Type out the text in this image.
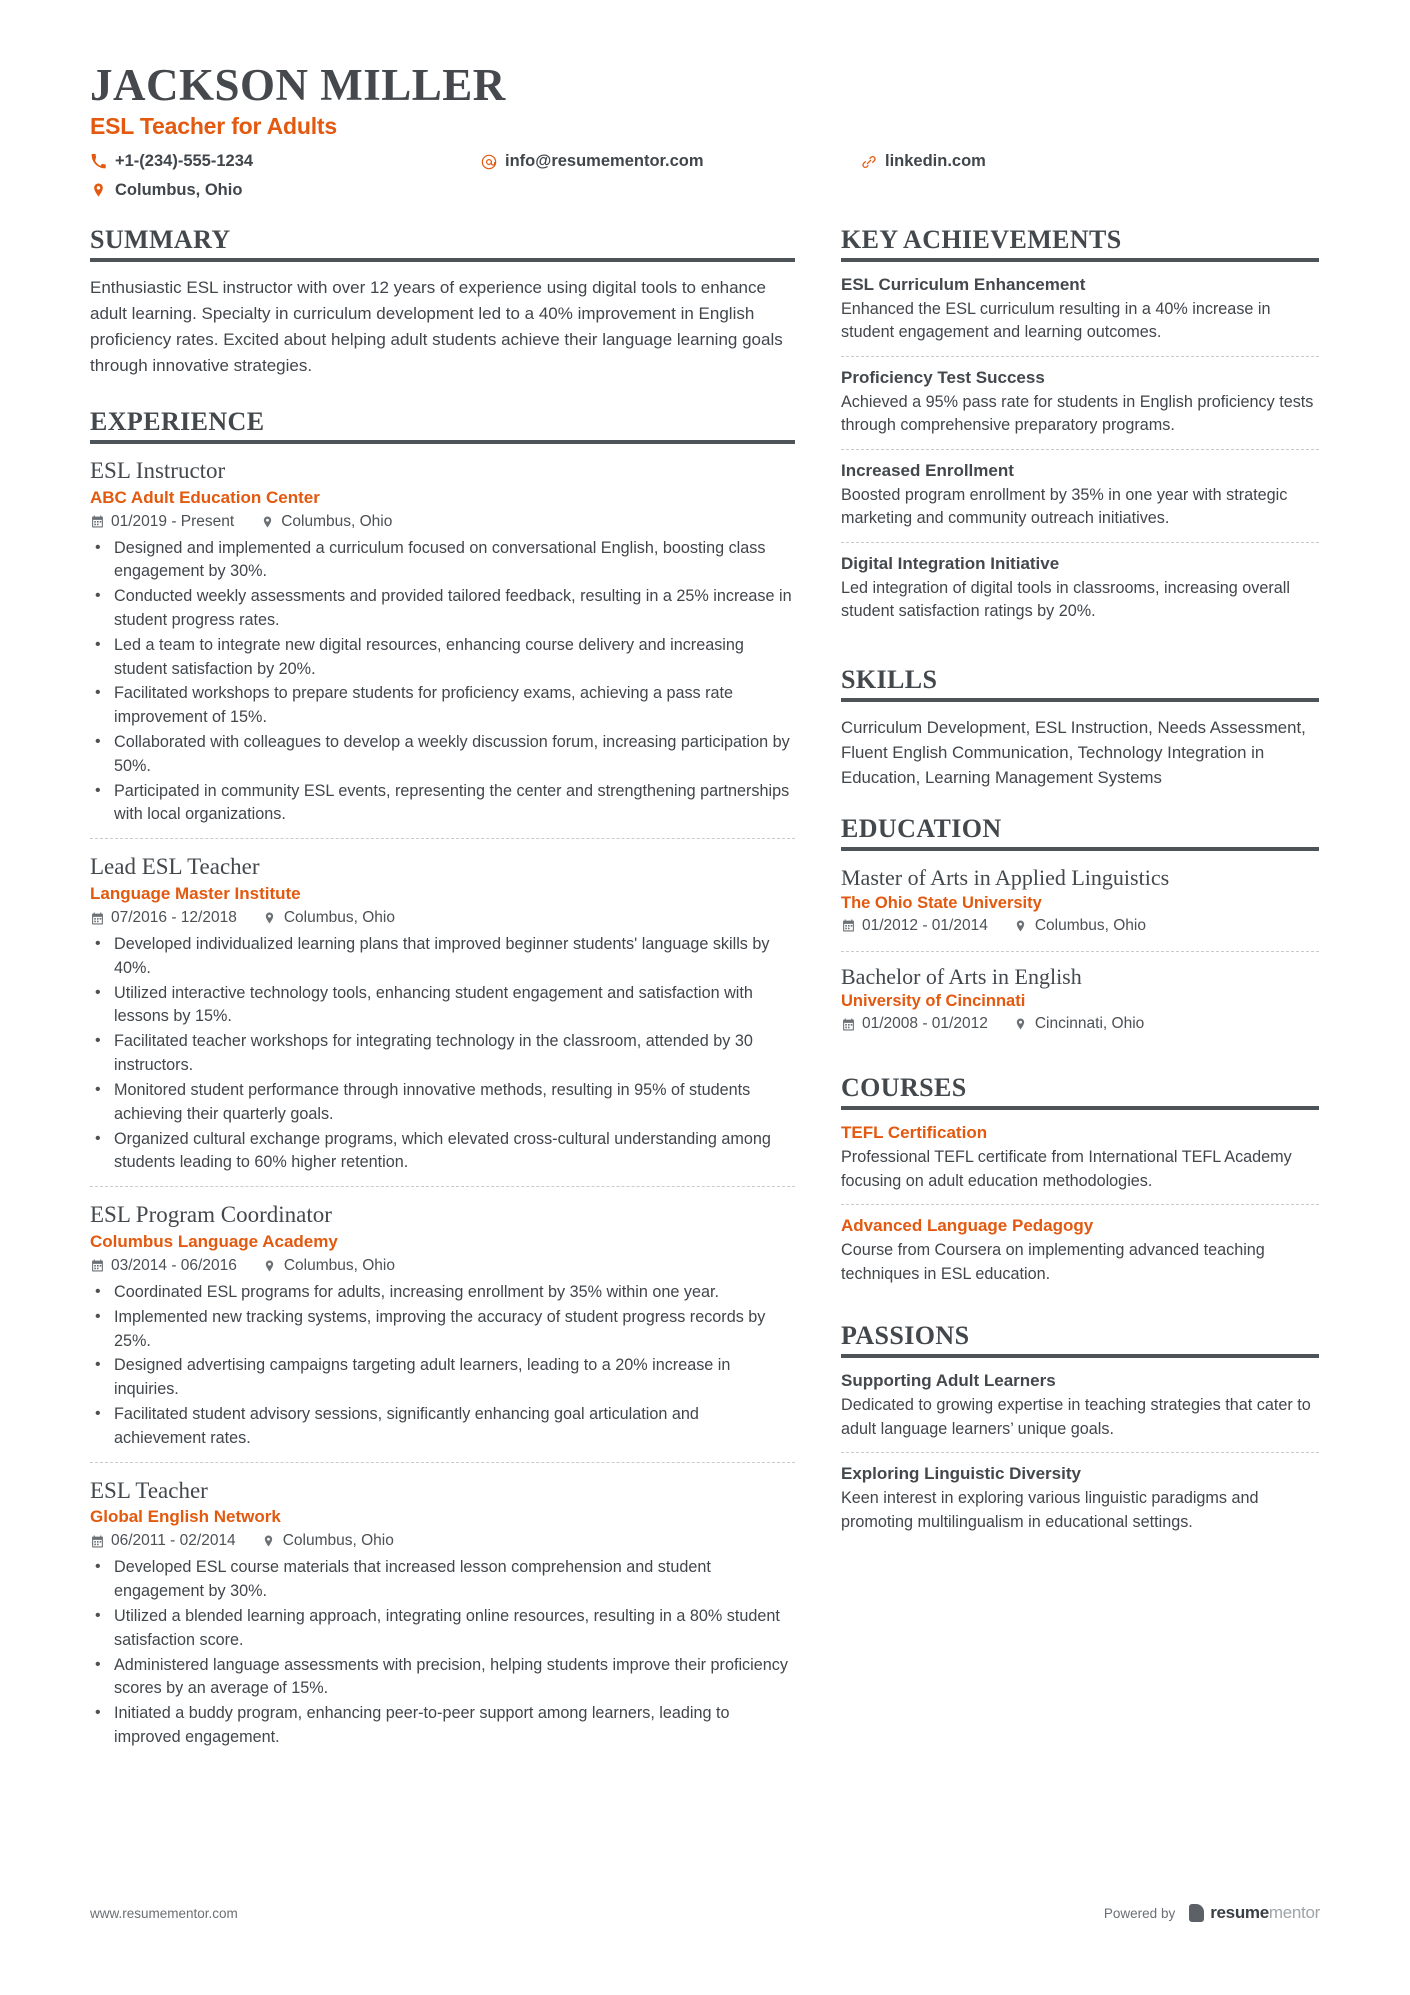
JACKSON MILLER
ESL Teacher for Adults
+1-(234)-555-1234	info@resumementor.com	linkedin.com
Columbus, Ohio
SUMMARY
Enthusiastic ESL instructor with over 12 years of experience using digital tools to enhance adult learning. Specialty in curriculum development led to a 40% improvement in English proficiency rates. Excited about helping adult students achieve their language learning goals through innovative strategies.
EXPERIENCE
ESL Instructor
ABC Adult Education Center
01/2019 - Present	Columbus, Ohio
• Designed and implemented a curriculum focused on conversational English, boosting class engagement by 30%.
• Conducted weekly assessments and provided tailored feedback, resulting in a 25% increase in student progress rates.
• Led a team to integrate new digital resources, enhancing course delivery and increasing student satisfaction by 20%.
• Facilitated workshops to prepare students for proficiency exams, achieving a pass rate improvement of 15%.
• Collaborated with colleagues to develop a weekly discussion forum, increasing participation by 50%.
• Participated in community ESL events, representing the center and strengthening partnerships with local organizations.
Lead ESL Teacher
Language Master Institute
07/2016 - 12/2018	Columbus, Ohio
• Developed individualized learning plans that improved beginner students' language skills by 40%.
• Utilized interactive technology tools, enhancing student engagement and satisfaction with lessons by 15%.
• Facilitated teacher workshops for integrating technology in the classroom, attended by 30 instructors.
• Monitored student performance through innovative methods, resulting in 95% of students achieving their quarterly goals.
• Organized cultural exchange programs, which elevated cross-cultural understanding among students leading to 60% higher retention.
ESL Program Coordinator
Columbus Language Academy
03/2014 - 06/2016	Columbus, Ohio
• Coordinated ESL programs for adults, increasing enrollment by 35% within one year.
• Implemented new tracking systems, improving the accuracy of student progress records by 25%.
• Designed advertising campaigns targeting adult learners, leading to a 20% increase in inquiries.
• Facilitated student advisory sessions, significantly enhancing goal articulation and achievement rates.
ESL Teacher
Global English Network
06/2011 - 02/2014	Columbus, Ohio
• Developed ESL course materials that increased lesson comprehension and student engagement by 30%.
• Utilized a blended learning approach, integrating online resources, resulting in a 80% student satisfaction score.
• Administered language assessments with precision, helping students improve their proficiency scores by an average of 15%.
• Initiated a buddy program, enhancing peer-to-peer support among learners, leading to improved engagement.
KEY ACHIEVEMENTS
ESL Curriculum Enhancement
Enhanced the ESL curriculum resulting in a 40% increase in student engagement and learning outcomes.
Proficiency Test Success
Achieved a 95% pass rate for students in English proficiency tests through comprehensive preparatory programs.
Increased Enrollment
Boosted program enrollment by 35% in one year with strategic marketing and community outreach initiatives.
Digital Integration Initiative
Led integration of digital tools in classrooms, increasing overall student satisfaction ratings by 20%.
SKILLS
Curriculum Development, ESL Instruction, Needs Assessment, Fluent English Communication, Technology Integration in Education, Learning Management Systems
EDUCATION
Master of Arts in Applied Linguistics
The Ohio State University
01/2012 - 01/2014	Columbus, Ohio
Bachelor of Arts in English
University of Cincinnati
01/2008 - 01/2012	Cincinnati, Ohio
COURSES
TEFL Certification
Professional TEFL certificate from International TEFL Academy focusing on adult education methodologies.
Advanced Language Pedagogy
Course from Coursera on implementing advanced teaching techniques in ESL education.
PASSIONS
Supporting Adult Learners
Dedicated to growing expertise in teaching strategies that cater to adult language learners’ unique goals.
Exploring Linguistic Diversity
Keen interest in exploring various linguistic paradigms and promoting multilingualism in educational settings.
www.resumementor.com	Powered by resumementor
